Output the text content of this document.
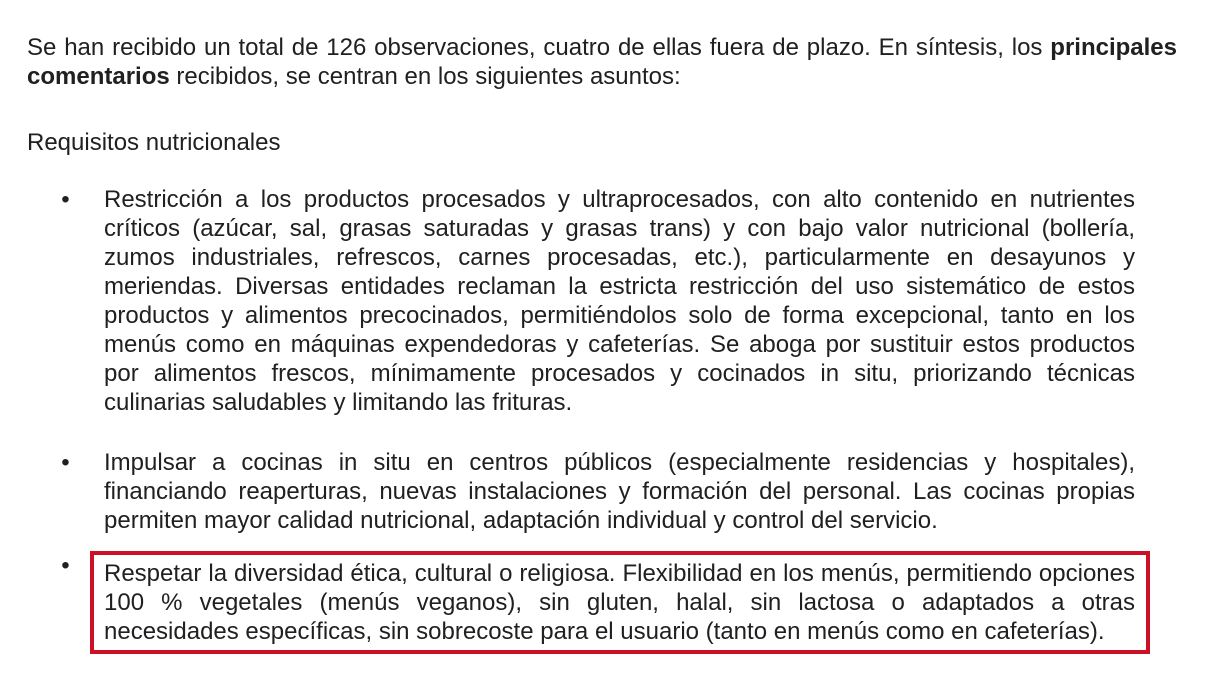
Se han recibido un total de 126 observaciones, cuatro de ellas fuera de plazo. En síntesis, los principales comentarios recibidos, se centran en los siguientes asuntos:

Requisitos nutricionales

•	Restricción a los productos procesados y ultraprocesados, con alto contenido en nutrientes críticos (azúcar, sal, grasas saturadas y grasas trans) y con bajo valor nutricional (bollería, zumos industriales, refrescos, carnes procesadas, etc.), particularmente en desayunos y meriendas. Diversas entidades reclaman la estricta restricción del uso sistemático de estos productos y alimentos precocinados, permitiéndolos solo de forma excepcional, tanto en los menús como en máquinas expendedoras y cafeterías. Se aboga por sustituir estos productos por alimentos frescos, mínimamente procesados y cocinados in situ, priorizando técnicas culinarias saludables y limitando las frituras.
•	Impulsar a cocinas in situ en centros públicos (especialmente residencias y hospitales), financiando reaperturas, nuevas instalaciones y formación del personal. Las cocinas propias permiten mayor calidad nutricional, adaptación individual y control del servicio.
•	Respetar la diversidad ética, cultural o religiosa. Flexibilidad en los menús, permitiendo opciones 100 % vegetales (menús veganos), sin gluten, halal, sin lactosa o adaptados a otras necesidades específicas, sin sobrecoste para el usuario (tanto en menús como en cafeterías).
